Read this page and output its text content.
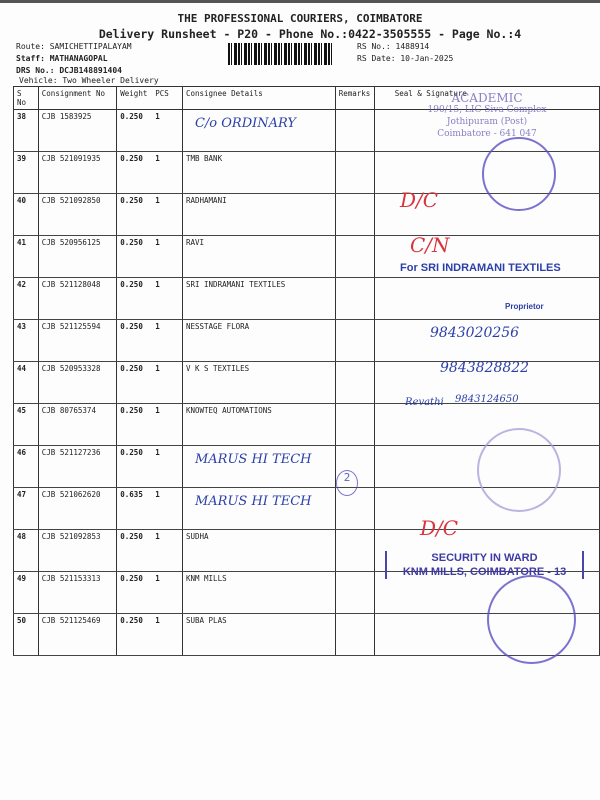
THE PROFESSIONAL COURIERS, COIMBATORE
Delivery Runsheet - P20 - Phone No.:0422-3505555 - Page No.:4
Route: SAMICHETTIPALAYAM
Staff: MATHANAGOPAL
DRS No.: DCJB148891404
Vehicle: Two Wheeler Delivery
RS No.: 1488914
RS Date: 10-Jan-2025
S No	Consignment No	Weight	PCS	Consignee Details	Remarks	Seal & Signature
38	CJB 1583925	0.250	1	C/o ORDINARY		

39	CJB 521091935	0.250	1	TMB BANK		
40	CJB 521092850	0.250	1	RADHAMANI		
41	CJB 520956125	0.250	1	RAVI		
42	CJB 521128048	0.250	1	SRI INDRAMANI TEXTILES		
43	CJB 521125594	0.250	1	NESSTAGE FLORA		
44	CJB 520953328	0.250	1	V K S TEXTILES		
45	CJB 80765374	0.250	1	KNOWTEQ AUTOMATIONS		
46	CJB 521127236	0.250	1	MARUS HI TECH		

47	CJB 521062620	0.635	1	MARUS HI TECH		

48	CJB 521092853	0.250	1	SUDHA		
49	CJB 521153313	0.250	1	KNM MILLS		
50	CJB 521125469	0.250	1	SUBA PLAS		
ACADEMIC
190/15, LIC Siva Complex
Jothipuram (Post)
Coimbatore - 641 047
D/C
C/N
For SRI INDRAMANI TEXTILES
Proprietor
9843020256
9843828822
Revathi 9843124650
2
D/C
SECURITY IN WARD
KNM MILLS, COIMBATORE - 13
